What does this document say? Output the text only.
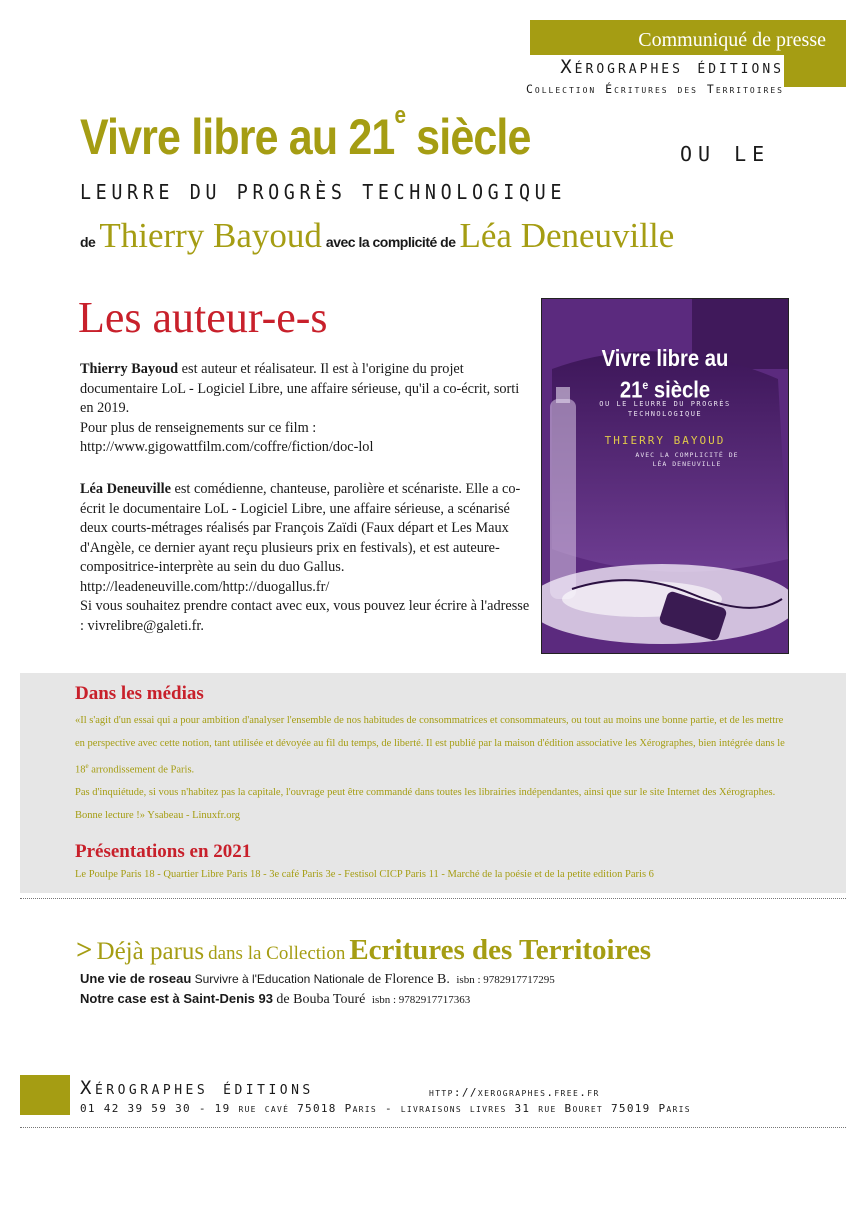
Communiqué de presse
Xérographes éditions
Collection Écritures des Territoires
Vivre libre au 21e siècle	OU LE
LEURRE DU PROGRÈS TECHNOLOGIQUE
de Thierry Bayoud avec la complicité de Léa Deneuville
Les auteur-e-s
Thierry Bayoud est auteur et réalisateur. Il est à l'origine du projet documentaire LoL - Logiciel Libre, une affaire sérieuse, qu'il a co-écrit, sorti en 2019.
Pour plus de renseignements sur ce film :
http://www.gigowattfilm.com/coffre/fiction/doc-lol
Léa Deneuville est comédienne, chanteuse, parolière et scénariste. Elle a co-écrit le documentaire LoL - Logiciel Libre, une affaire sérieuse, a scénarisé deux courts-métrages réalisés par François Zaïdi (Faux départ et Les Maux d'Angèle, ce dernier ayant reçu plusieurs prix en festivals), et est auteure-compositrice-interprète au sein du duo Gallus. http://leadeneuville.com/http://duogallus.fr/
Si vous souhaitez prendre contact avec eux, vous pouvez leur écrire à l'adresse : vivrelibre@galeti.fr.
Vivre libre au
21e siècle
OU LE LEURRE DU PROGRÈS
TECHNOLOGIQUE
THIERRY BAYOUD
AVEC LA COMPLICITÉ DE
LÉA DENEUVILLE
Dans les médias
«Il s'agit d'un essai qui a pour ambition d'analyser l'ensemble de nos habitudes de consommatrices et consommateurs, ou tout au moins une bonne partie, et de les mettre en perspective avec cette notion, tant utilisée et dévoyée au fil du temps, de liberté. Il est publié par la maison d'édition associative les Xérographes, bien intégrée dans le 18e arrondissement de Paris.
Pas d'inquiétude, si vous n'habitez pas la capitale, l'ouvrage peut être commandé dans toutes les librairies indépendantes, ainsi que sur le site Internet des Xérographes. Bonne lecture !» Ysabeau - Linuxfr.org
Présentations en 2021
Le Poulpe Paris 18 - Quartier Libre Paris 18 - 3e café Paris 3e - Festisol CICP Paris 11 - Marché de la poésie et de la petite edition Paris 6
> Déjà parus dans la Collection Ecritures des Territoires
Une vie de roseau Survivre à l'Education Nationale de Florence B. isbn : 9782917717295
Notre case est à Saint-Denis 93 de Bouba Touré isbn : 9782917717363
Xérographes éditions	http://xerographes.free.fr
01 42 39 59 30 - 19 rue cavé 75018 Paris - livraisons livres 31 rue Bouret 75019 Paris
